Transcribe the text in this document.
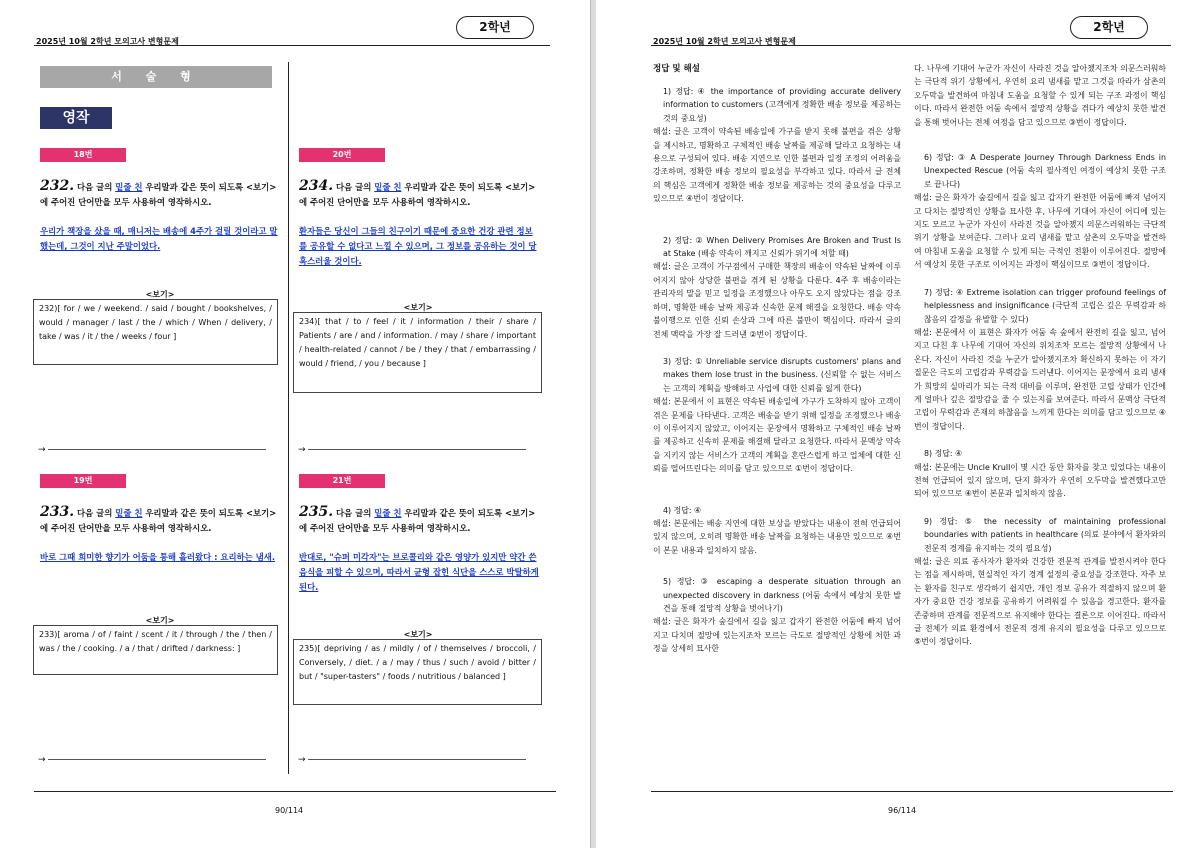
2025년 10월 2학년 모의고사 변형문제
2학년
서 술 형
영작
18번
232. 다음 글의 밑줄 친 우리말과 같은 뜻이 되도록 <보기>에 주어진 단어만을 모두 사용하여 영작하시오.
우리가 책장을 샀을 때, 매니저는 배송에 4주가 걸릴 것이라고 말했는데, 그것이 지난 주말이었다.
<보기>
232)[ for / we / weekend. / said / bought / bookshelves, / would / manager / last / the / which / When / delivery, / take / was / it / the / weeks / four ]
→
20번
234. 다음 글의 밑줄 친 우리말과 같은 뜻이 되도록 <보기>에 주어진 단어만을 모두 사용하여 영작하시오.
환자들은 당신이 그들의 친구이기 때문에 중요한 건강 관련 정보를 공유할 수 없다고 느낄 수 있으며, 그 정보를 공유하는 것이 당혹스러울 것이다.
<보기>
234)[ that / to / feel / it / information / their / share / Patients / are / and / information. / may / share / important / health-related / cannot / be / they / that / embarrassing / would / friend, / you / because ]
→
19번
233. 다음 글의 밑줄 친 우리말과 같은 뜻이 되도록 <보기>에 주어진 단어만을 모두 사용하여 영작하시오.
바로 그때 희미한 향기가 어둠을 통해 흘러왔다 : 요리하는 냄새.
<보기>
233)[ aroma / of / faint / scent / it / through / the / then / was / the / cooking. / a / that / drifted / darkness: ]
→
21번
235. 다음 글의 밑줄 친 우리말과 같은 뜻이 되도록 <보기>에 주어진 단어만을 모두 사용하여 영작하시오.
반대로, "슈퍼 미각자"는 브로콜리와 같은 영양가 있지만 약간 쓴 음식을 피할 수 있으며, 따라서 균형 잡힌 식단을 스스로 박탈하게 된다.
<보기>
235)[ depriving / as / mildly / of / themselves / broccoli, / Conversely, / diet. / a / may / thus / such / avoid / bitter / but / "super-tasters" / foods / nutritious / balanced ]
→
90/114
2025년 10월 2학년 모의고사 변형문제
2학년
정답 및 해설
1) 정답: ④ the importance of providing accurate delivery information to customers (고객에게 정확한 배송 정보를 제공하는 것의 중요성)
해설: 글은 고객이 약속된 배송일에 가구를 받지 못해 불편을 겪은 상황을 제시하고, 명확하고 구체적인 배송 날짜를 제공해 달라고 요청하는 내용으로 구성되어 있다. 배송 지연으로 인한 불편과 일정 조정의 어려움을 강조하며, 정확한 배송 정보의 필요성을 부각하고 있다. 따라서 글 전체의 핵심은 고객에게 정확한 배송 정보를 제공하는 것의 중요성을 다루고 있으므로 ④번이 정답이다.
2) 정답: ② When Delivery Promises Are Broken and Trust Is at Stake (배송 약속이 깨지고 신뢰가 위기에 처할 때)
해설: 글은 고객이 가구점에서 구매한 책장의 배송이 약속된 날짜에 이루어지지 않아 상당한 불편을 겪게 된 상황을 다룬다. 4주 후 배송이라는 관리자의 말을 믿고 일정을 조정했으나 아무도 오지 않았다는 점을 강조하며, 명확한 배송 날짜 제공과 신속한 문제 해결을 요청한다. 배송 약속 불이행으로 인한 신뢰 손상과 그에 따른 불만이 핵심이다. 따라서 글의 전체 맥락을 가장 잘 드러낸 ②번이 정답이다.
3) 정답: ① Unreliable service disrupts customers' plans and makes them lose trust in the business. (신뢰할 수 없는 서비스는 고객의 계획을 방해하고 사업에 대한 신뢰를 잃게 한다)
해설: 본문에서 이 표현은 약속된 배송일에 가구가 도착하지 않아 고객이 겪은 문제를 나타낸다. 고객은 배송을 받기 위해 일정을 조정했으나 배송이 이루어지지 않았고, 이어지는 문장에서 명확하고 구체적인 배송 날짜를 제공하고 신속히 문제를 해결해 달라고 요청한다. 따라서 문맥상 약속을 지키지 않는 서비스가 고객의 계획을 혼란스럽게 하고 업체에 대한 신뢰를 떨어뜨린다는 의미를 담고 있으므로 ①번이 정답이다.
4) 정답: ④
해설: 본문에는 배송 지연에 대한 보상을 받았다는 내용이 전혀 언급되어 있지 않으며, 오히려 명확한 배송 날짜를 요청하는 내용만 있으므로 ④번이 본문 내용과 일치하지 않음.
5) 정답: ③ escaping a desperate situation through an unexpected discovery in darkness (어둠 속에서 예상치 못한 발견을 통해 절망적 상황을 벗어나기)
해설: 글은 화자가 숲길에서 길을 잃고 갑자기 완전한 어둠에 빠져 넘어지고 다치며 절망에 있는지조차 모르는 극도로 절망적인 상황에 처한 과정을 상세히 묘사한
다. 나무에 기대어 누군가 자신이 사라진 것을 알아챘지조차 의문스러워하는 극단적 위기 상황에서, 우연히 요리 냄새를 맡고 그것을 따라가 삼촌의 오두막을 발견하여 마침내 도움을 요청할 수 있게 되는 구조 과정이 핵심이다. 따라서 완전한 어둠 속에서 절망적 상황을 겪다가 예상치 못한 발견을 통해 벗어나는 전체 여정을 담고 있으므로 ③번이 정답이다.
6) 정답: ③ A Desperate Journey Through Darkness Ends in Unexpected Rescue (어둠 속의 필사적인 여정이 예상치 못한 구조로 끝나다)
해설: 글은 화자가 숲길에서 길을 잃고 갑자기 완전한 어둠에 빠져 넘어지고 다치는 절망적인 상황을 묘사한 후, 나무에 기대어 자신이 어디에 있는지도 모르고 누군가 자신이 사라진 것을 알아챘지 의문스러워하는 극단적 위기 상황을 보여준다. 그러나 요리 냄새를 맡고 삼촌의 오두막을 발견하여 마침내 도움을 요청할 수 있게 되는 극적인 전환이 이루어진다. 절망에서 예상치 못한 구조로 이어지는 과정이 핵심이므로 ③번이 정답이다.
7) 정답: ④ Extreme isolation can trigger profound feelings of helplessness and insignificance (극단적 고립은 깊은 무력감과 하찮음의 감정을 유발할 수 있다)
해설: 본문에서 이 표현은 화자가 어둠 속 숲에서 완전히 길을 잃고, 넘어지고 다친 후 나무에 기대어 자신의 위치조차 모르는 절망적 상황에서 나온다. 자신이 사라진 것을 누군가 알아챘지조차 확신하지 못하는 이 자기 질문은 극도의 고립감과 무력감을 드러낸다. 이어지는 문장에서 요리 냄새가 희망의 실마리가 되는 극적 대비를 이루며, 완전한 고립 상태가 인간에게 얼마나 깊은 절망감을 줄 수 있는지를 보여준다. 따라서 문맥상 극단적 고립이 무력감과 존재의 하찮음을 느끼게 한다는 의미를 담고 있으므로 ④번이 정답이다.
8) 정답: ④
해설: 본문에는 Uncle Krull이 몇 시간 동안 화자를 찾고 있었다는 내용이 전혀 언급되어 있지 않으며, 단지 화자가 우연히 오두막을 발견했다고만 되어 있으므로 ④번이 본문과 일치하지 않음.
9) 정답: ⑤ the necessity of maintaining professional boundaries with patients in healthcare (의료 분야에서 환자와의 전문적 경계를 유지하는 것의 필요성)
해설: 글은 의료 종사자가 환자와 건강한 전문적 관계를 발전시켜야 한다는 점을 제시하며, 현실적인 자기 경계 설정의 중요성을 강조한다. 자주 보는 환자를 친구로 생각하기 쉽지만, 개인 정보 공유가 적절하지 않으며 환자가 중요한 건강 정보를 공유하기 어려워질 수 있음을 경고한다. 환자를 존중하며 관계를 전문적으로 유지해야 한다는 결론으로 이어진다. 따라서 글 전체가 의료 환경에서 전문적 경계 유지의 필요성을 다루고 있으므로 ⑤번이 정답이다.
96/114
